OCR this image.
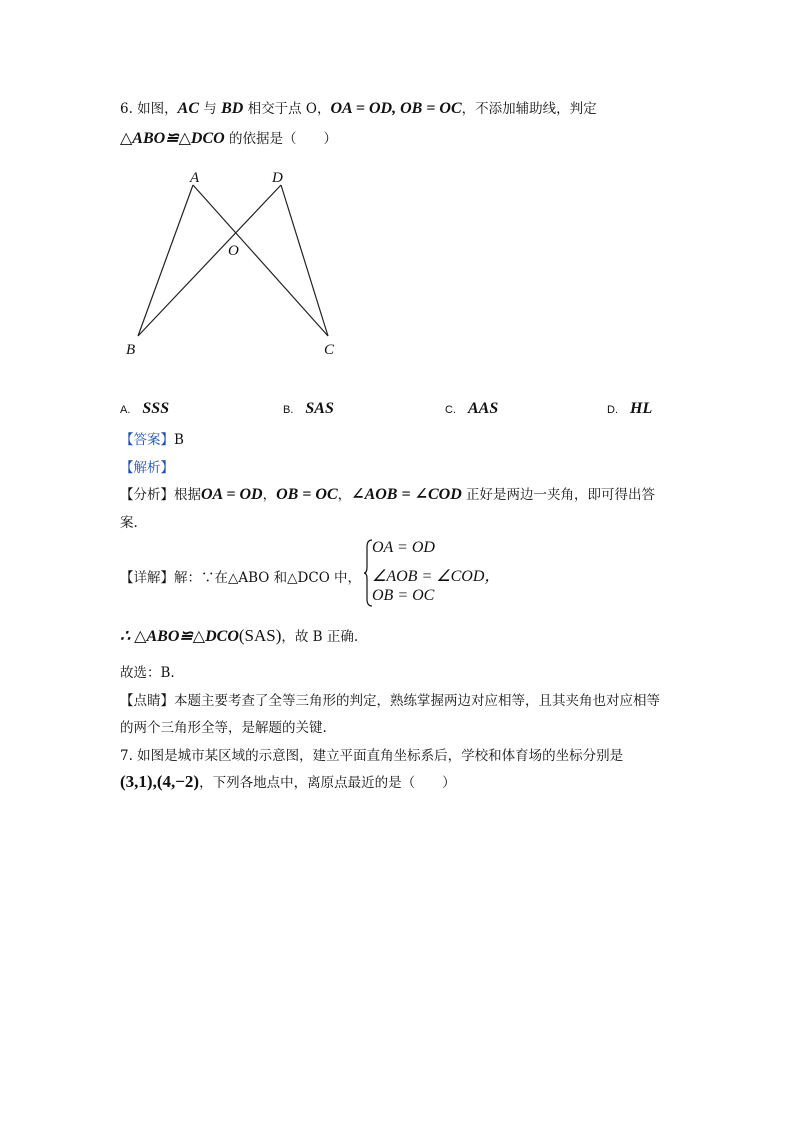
6. 如图，AC 与 BD 相交于点 O，OA = OD, OB = OC，不添加辅助线，判定
△ABO≌△DCO 的依据是（　　）
A	D
O
B	C
A. SSS	B. SAS	C. AAS	D. HL
【答案】B
【解析】
【分析】根据OA = OD，OB = OC，∠AOB = ∠COD 正好是两边一夹角，即可得出答
案.
【详解】解：∵在△ABO 和△DCO 中，
OA = OD
∠AOB = ∠COD，
OB = OC
∴ △ABO≌△DCO(SAS)，故 B 正确.
故选：B.
【点睛】本题主要考查了全等三角形的判定，熟练掌握两边对应相等，且其夹角也对应相等
的两个三角形全等，是解题的关键.
7. 如图是城市某区域的示意图，建立平面直角坐标系后，学校和体育场的坐标分别是
(3,1),(4,−2)，下列各地点中，离原点最近的是（　　）
